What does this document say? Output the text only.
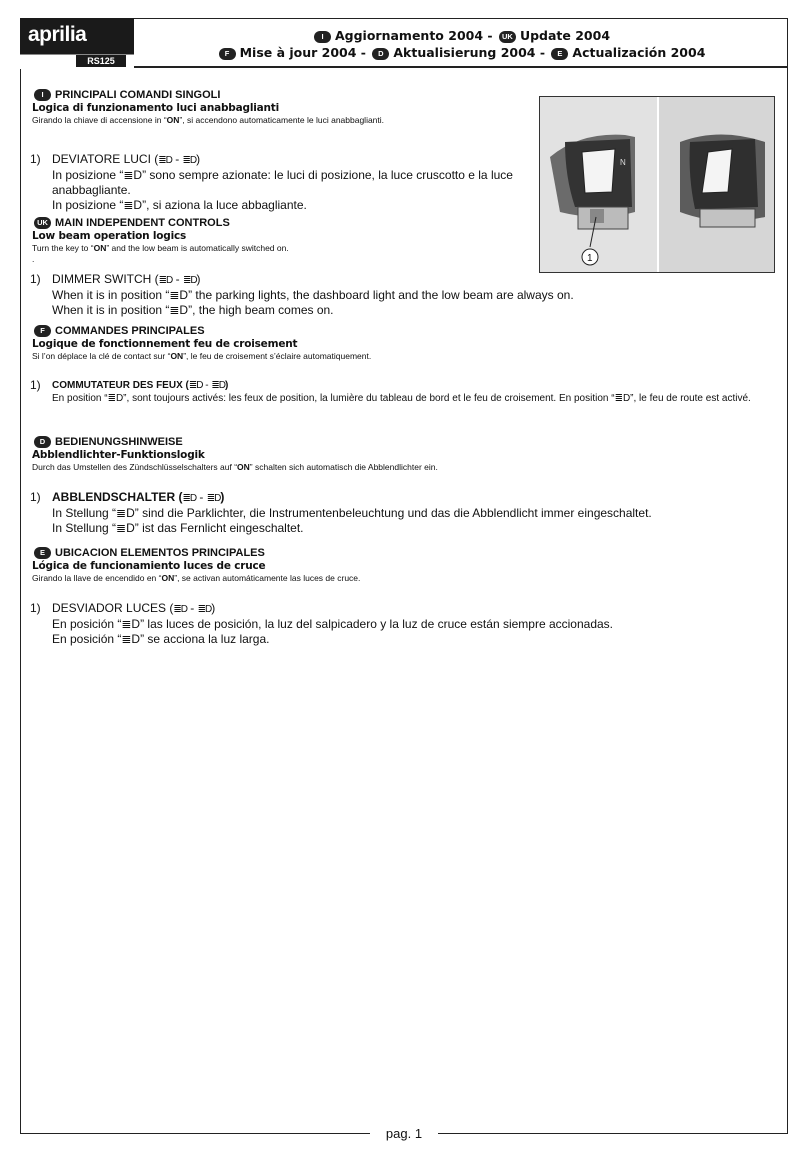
aprilia
RS125
I Aggiornamento 2004 - UK Update 2004
F Mise à jour 2004 - D Aktualisierung 2004 - E Actualización 2004
N
1

I PRINCIPALI COMANDI SINGOLI

Logica di funzionamento luci anabbaglianti

Girando la chiave di accensione in “ON”, si accendono automaticamente le luci anabbaglianti.

1) DEVIATORE LUCI (≣D - ≣D)
In posizione “≣D” sono sempre azionate: le luci di posizione, la luce cruscotto e la luce anabbagliante.
In posizione “≣D”, si aziona la luce abbagliante.

UK MAIN INDEPENDENT CONTROLS

Low beam operation logics

Turn the key to “ON” and the low beam is automatically switched on.

.

1) DIMMER SWITCH (≣D - ≣D)
When it is in position “≣D” the parking lights, the dashboard light and the low beam are always on.
When it is in position “≣D”, the high beam comes on.

F COMMANDES PRINCIPALES

Logique de fonctionnement feu de croisement

Si l’on déplace la clé de contact sur “ON”, le feu de croisement s’éclaire automatiquement.

1) COMMUTATEUR DES FEUX (≣D - ≣D)
En position “≣D”, sont toujours activés: les feux de position, la lumière du tableau de bord et le feu de croisement. En position “≣D”, le feu de route est activé.

D BEDIENUNGSHINWEISE

Abblendlichter-Funktionslogik

Durch das Umstellen des Zündschlüsselschalters auf “ON” schalten sich automatisch die Abblendlichter ein.

1) ABBLENDSCHALTER (≣D - ≣D)
In Stellung “≣D” sind die Parklichter, die Instrumentenbeleuchtung und das die Abblendlicht immer eingeschaltet.
In Stellung “≣D” ist das Fernlicht eingeschaltet.

E UBICACION ELEMENTOS PRINCIPALES

Lógica de funcionamiento luces de cruce

Girando la llave de encendido en “ON”, se activan automáticamente las luces de cruce.

1) DESVIADOR LUCES (≣D - ≣D)
En posición “≣D” las luces de posición, la luz del salpicadero y la luz de cruce están siempre accionadas.
En posición “≣D” se acciona la luz larga.
pag. 1
